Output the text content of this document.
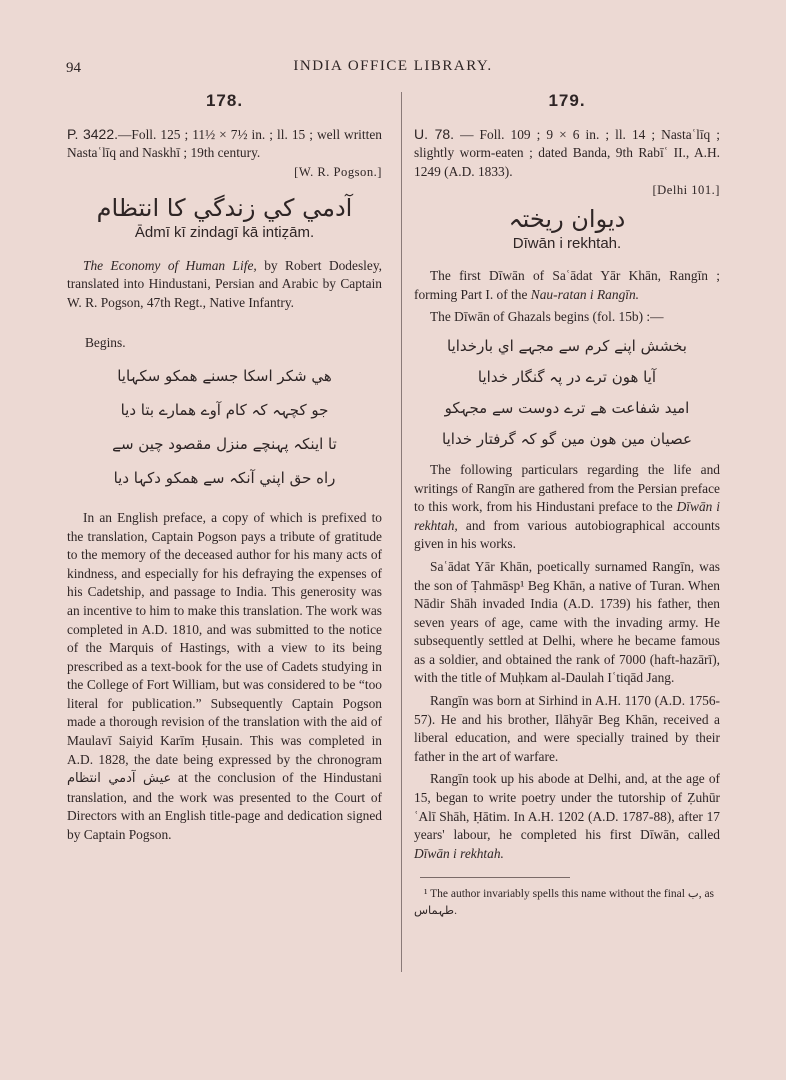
94	INDIA OFFICE LIBRARY.
178.
P. 3422.—Foll. 125 ; 11½ × 7½ in. ; ll. 15 ; well written Nastaʿlīq and Naskhī ; 19th century.
[W. R. Pogson.]
آدمي کي زندگي کا انتظام
Ādmī kī zindagī kā intiẓām.

The Economy of Human Life, by Robert Dodesley, translated into Hindustani, Persian and Arabic by Captain W. R. Pogson, 47th Regt., Native Infantry.

Begins.
هي شکر اسکا جسنے همکو سکہايا
جو کچہہ کہ کام آوے همارے بتا ديا
تا اينکہ پہنچے منزل مقصود چين سے
راه حق اپني آنکہ سے همکو دکہا ديا

In an English preface, a copy of which is prefixed to the translation, Captain Pogson pays a tribute of gratitude to the memory of the deceased author for his many acts of kindness, and especially for his defraying the expenses of his Cadetship, and passage to India. This generosity was an incentive to him to make this translation. The work was completed in A.D. 1810, and was submitted to the notice of the Marquis of Hastings, with a view to its being prescribed as a text-book for the use of Cadets studying in the College of Fort William, but was considered to be “too literal for publication.” Subsequently Captain Pogson made a thorough revision of the translation with the aid of Maulavī Saiyid Karīm Ḥusain. This was completed in A.D. 1828, the date being expressed by the chronogram عيش آدمي انتظام at the conclusion of the Hindustani translation, and the work was presented to the Court of Directors with an English title-page and dedication signed by Captain Pogson.

179.
U. 78. — Foll. 109 ; 9 × 6 in. ; ll. 14 ; Nastaʿlīq ; slightly worm-eaten ; dated Banda, 9th Rabīʿ II., A.H. 1249 (A.D. 1833).
[Delhi 101.]
ديوان ريختہ
Dīwān i rekhtah.

The first Dīwān of Saʿādat Yār Khān, Rangīn ; forming Part I. of the Nau-ratan i Rangīn.

The Dīwān of Ghazals begins (fol. 15b) :—

بخشش اپنے کرم سے مجہے اي بارخدايا
آيا هون ترے در پہ گنگار خدايا
اميد شفاعت هے ترے دوست سے مجہکو
عصيان مين هون مين گو کہ گرفتار خدايا

The following particulars regarding the life and writings of Rangīn are gathered from the Persian preface to this work, from his Hindustani preface to the Dīwān i rekhtah, and from various autobiographical accounts given in his works.

Saʿādat Yār Khān, poetically surnamed Rangīn, was the son of Ṭahmāsp¹ Beg Khān, a native of Turan. When Nādir Shāh invaded India (A.D. 1739) his father, then seven years of age, came with the invading army. He subsequently settled at Delhi, where he became famous as a soldier, and obtained the rank of 7000 (haft-hazārī), with the title of Muḥkam al-Daulah Iʿtiqād Jang.

Rangīn was born at Sirhind in A.H. 1170 (A.D. 1756-57). He and his brother, Ilāhyār Beg Khān, received a liberal education, and were specially trained by their father in the art of warfare.

Rangīn took up his abode at Delhi, and, at the age of 15, began to write poetry under the tutorship of Ẓuhūr ʿAlī Shāh, Ḥātim. In A.H. 1202 (A.D. 1787-88), after 17 years' labour, he completed his first Dīwān, called Dīwān i rekhtah.

¹ The author invariably spells this name without the final ب, as طہماس.
